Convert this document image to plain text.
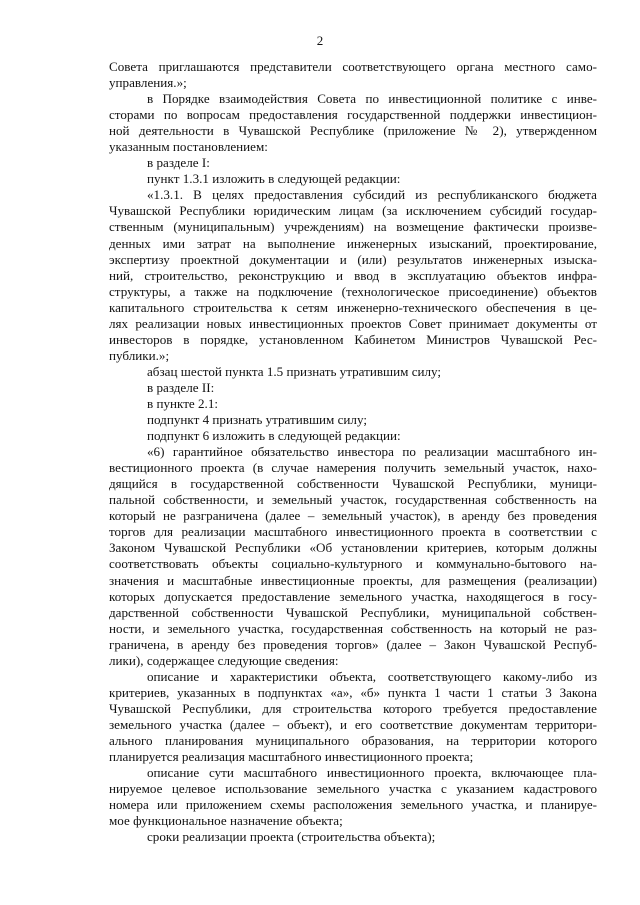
2
Совета приглашаются представители соответствующего органа местного само-
управления.»;
в Порядке взаимодействия Совета по инвестиционной политике с инве-
сторами по вопросам предоставления государственной поддержки инвестицион-
ной деятельности в Чувашской Республике (приложение № 2), утвержденном
указанным постановлением:
в разделе I:
пункт 1.3.1 изложить в следующей редакции:
«1.3.1. В целях предоставления субсидий из республиканского бюджета
Чувашской Республики юридическим лицам (за исключением субсидий государ-
ственным (муниципальным) учреждениям) на возмещение фактически произве-
денных ими затрат на выполнение инженерных изысканий, проектирование,
экспертизу проектной документации и (или) результатов инженерных изыска-
ний, строительство, реконструкцию и ввод в эксплуатацию объектов инфра-
структуры, а также на подключение (технологическое присоединение) объектов
капитального строительства к сетям инженерно-технического обеспечения в це-
лях реализации новых инвестиционных проектов Совет принимает документы от
инвесторов в порядке, установленном Кабинетом Министров Чувашской Рес-
публики.»;
абзац шестой пункта 1.5 признать утратившим силу;
в разделе II:
в пункте 2.1:
подпункт 4 признать утратившим силу;
подпункт 6 изложить в следующей редакции:
«6) гарантийное обязательство инвестора по реализации масштабного ин-
вестиционного проекта (в случае намерения получить земельный участок, нахо-
дящийся в государственной собственности Чувашской Республики, муници-
пальной собственности, и земельный участок, государственная собственность на
который не разграничена (далее – земельный участок), в аренду без проведения
торгов для реализации масштабного инвестиционного проекта в соответствии с
Законом Чувашской Республики «Об установлении критериев, которым должны
соответствовать объекты социально-культурного и коммунально-бытового на-
значения и масштабные инвестиционные проекты, для размещения (реализации)
которых допускается предоставление земельного участка, находящегося в госу-
дарственной собственности Чувашской Республики, муниципальной собствен-
ности, и земельного участка, государственная собственность на который не раз-
граничена, в аренду без проведения торгов» (далее – Закон Чувашской Респуб-
лики), содержащее следующие сведения:
описание и характеристики объекта, соответствующего какому-либо из
критериев, указанных в подпунктах «а», «б» пункта 1 части 1 статьи 3 Закона
Чувашской Республики, для строительства которого требуется предоставление
земельного участка (далее – объект), и его соответствие документам территори-
ального планирования муниципального образования, на территории которого
планируется реализация масштабного инвестиционного проекта;
описание сути масштабного инвестиционного проекта, включающее пла-
нируемое целевое использование земельного участка с указанием кадастрового
номера или приложением схемы расположения земельного участка, и планируе-
мое функциональное назначение объекта;
сроки реализации проекта (строительства объекта);
